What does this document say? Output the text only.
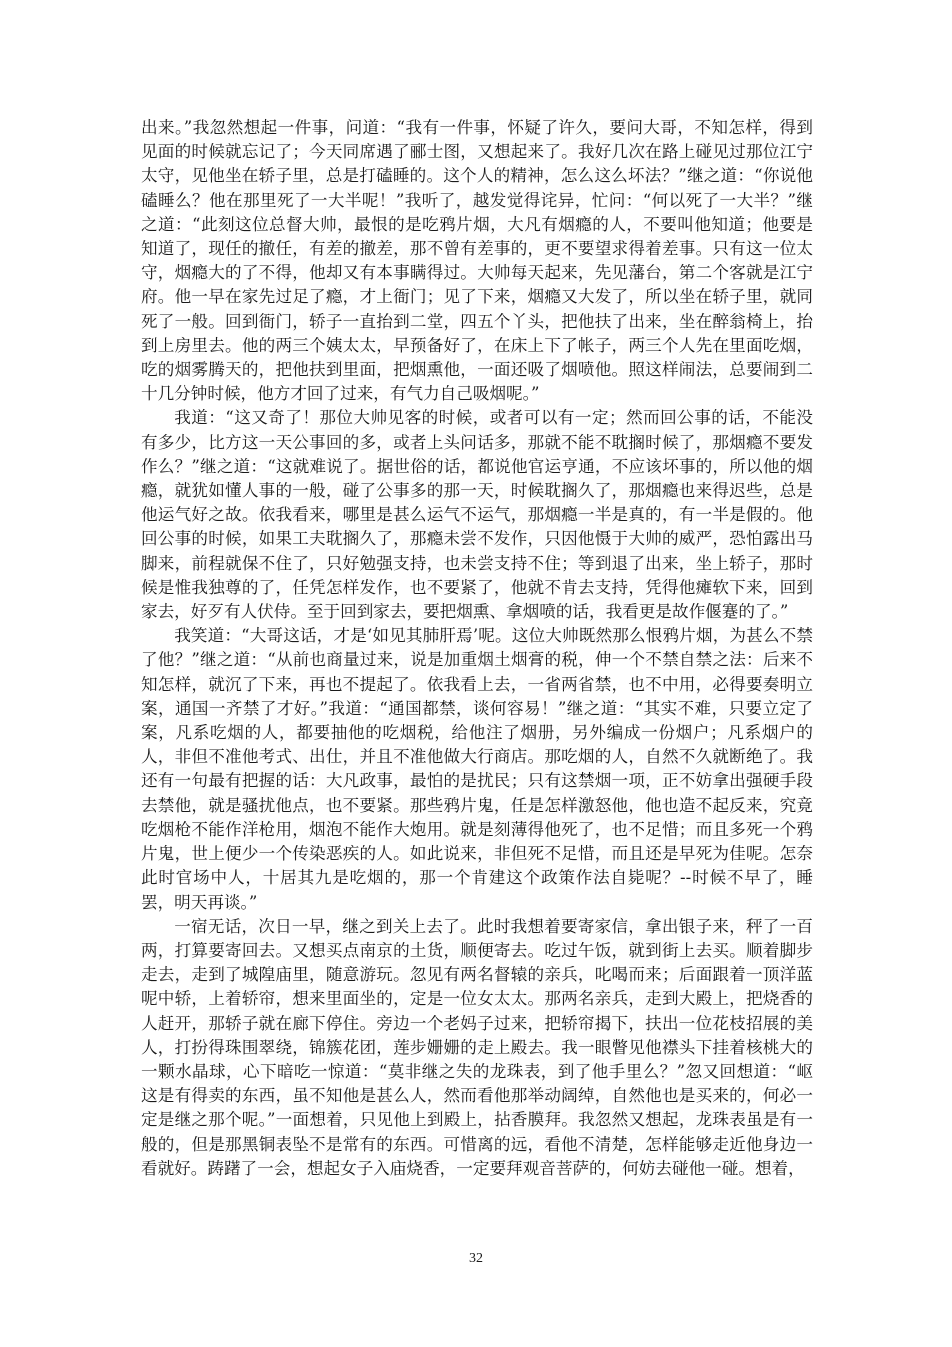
出来。”我忽然想起一件事，问道：“我有一件事，怀疑了许久，要问大哥，不知怎样，得到见面的时候就忘记了；今天同席遇了郦士图，又想起来了。我好几次在路上碰见过那位江宁太守，见他坐在轿子里，总是打磕睡的。这个人的精神，怎么这么坏法？”继之道：“你说他磕睡么？他在那里死了一大半呢！”我听了，越发觉得诧异，忙问：“何以死了一大半？”继之道：“此刻这位总督大帅，最恨的是吃鸦片烟，大凡有烟瘾的人，不要叫他知道；他要是知道了，现任的撤任，有差的撤差，那不曾有差事的，更不要望求得着差事。只有这一位太守，烟瘾大的了不得，他却又有本事瞒得过。大帅每天起来，先见藩台，第二个客就是江宁府。他一早在家先过足了瘾，才上衙门；见了下来，烟瘾又大发了，所以坐在轿子里，就同死了一般。回到衙门，轿子一直抬到二堂，四五个丫头，把他扶了出来，坐在醉翁椅上，抬到上房里去。他的两三个姨太太，早预备好了，在床上下了帐子，两三个人先在里面吃烟，吃的烟雾腾天的，把他扶到里面，把烟熏他，一面还吸了烟喷他。照这样闹法，总要闹到二十几分钟时候，他方才回了过来，有气力自己吸烟呢。”

我道：“这又奇了！那位大帅见客的时候，或者可以有一定；然而回公事的话，不能没有多少，比方这一天公事回的多，或者上头问话多，那就不能不耽搁时候了，那烟瘾不要发作么？”继之道：“这就难说了。据世俗的话，都说他官运亨通，不应该坏事的，所以他的烟瘾，就犹如懂人事的一般，碰了公事多的那一天，时候耽搁久了，那烟瘾也来得迟些，总是他运气好之故。依我看来，哪里是甚么运气不运气，那烟瘾一半是真的，有一半是假的。他回公事的时候，如果工夫耽搁久了，那瘾未尝不发作，只因他慑于大帅的威严，恐怕露出马脚来，前程就保不住了，只好勉强支持，也未尝支持不住；等到退了出来，坐上轿子，那时候是惟我独尊的了，任凭怎样发作，也不要紧了，他就不肯去支持，凭得他瘫软下来，回到家去，好歹有人伏侍。至于回到家去，要把烟熏、拿烟喷的话，我看更是故作偃蹇的了。”

我笑道：“大哥这话，才是‘如见其肺肝焉’呢。这位大帅既然那么恨鸦片烟，为甚么不禁了他？”继之道：“从前也商量过来，说是加重烟土烟膏的税，伸一个不禁自禁之法：后来不知怎样，就沉了下来，再也不提起了。依我看上去，一省两省禁，也不中用，必得要奏明立案，通国一齐禁了才好。”我道：“通国都禁，谈何容易！”继之道：“其实不难，只要立定了案，凡系吃烟的人，都要抽他的吃烟税，给他注了烟册，另外编成一份烟户；凡系烟户的人，非但不准他考式、出仕，并且不准他做大行商店。那吃烟的人，自然不久就断绝了。我还有一句最有把握的话：大凡政事，最怕的是扰民；只有这禁烟一项，正不妨拿出强硬手段去禁他，就是骚扰他点，也不要紧。那些鸦片鬼，任是怎样激怒他，他也造不起反来，究竟吃烟枪不能作洋枪用，烟泡不能作大炮用。就是刻薄得他死了，也不足惜；而且多死一个鸦片鬼，世上便少一个传染恶疾的人。如此说来，非但死不足惜，而且还是早死为佳呢。怎奈此时官场中人，十居其九是吃烟的，那一个肯建这个政策作法自毙呢？--时候不早了，睡罢，明天再谈。”

一宿无话，次日一早，继之到关上去了。此时我想着要寄家信，拿出银子来，秤了一百两，打算要寄回去。又想买点南京的土货，顺便寄去。吃过午饭，就到街上去买。顺着脚步走去，走到了城隍庙里，随意游玩。忽见有两名督辕的亲兵，叱喝而来；后面跟着一顶洋蓝呢中轿，上着轿帘，想来里面坐的，定是一位女太太。那两名亲兵，走到大殿上，把烧香的人赶开，那轿子就在廊下停住。旁边一个老妈子过来，把轿帘揭下，扶出一位花枝招展的美人，打扮得珠围翠绕，锦簇花团，莲步姗姗的走上殿去。我一眼瞥见他襟头下挂着核桃大的一颗水晶球，心下暗吃一惊道：“莫非继之失的龙珠表，到了他手里么？”忽又回想道：“岖这是有得卖的东西，虽不知他是甚么人，然而看他那举动阔绰，自然他也是买来的，何必一定是继之那个呢。”一面想着，只见他上到殿上，拈香膜拜。我忽然又想起，龙珠表虽是有一般的，但是那黑铜表坠不是常有的东西。可惜离的远，看他不清楚，怎样能够走近他身边一看就好。踌躇了一会，想起女子入庙烧香，一定要拜观音菩萨的，何妨去碰他一碰。想着，

32
